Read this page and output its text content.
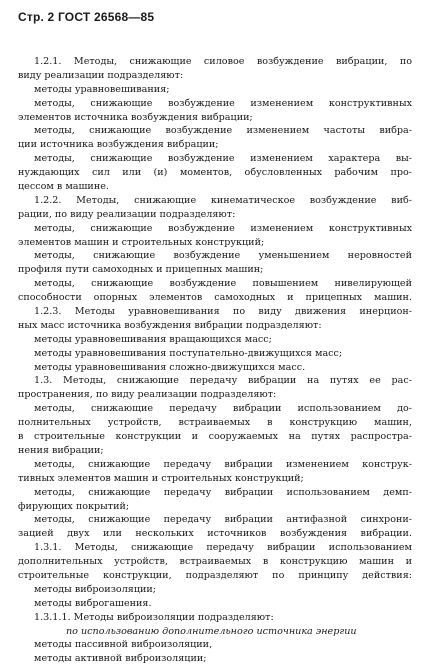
Стр. 2 ГОСТ 26568—85
1.2.1. Методы, снижающие силовое возбуждение вибрации, по
виду реализации подразделяют:
методы уравновешивания;
методы, снижающие возбуждение изменением конструктивных
элементов источника возбуждения вибрации;
методы, снижающие возбуждение изменением частоты вибра-
ции источника возбуждения вибрации;
методы, снижающие возбуждение изменением характера вы-
нуждающих сил или (и) моментов, обусловленных рабочим про-
цессом в машине.
1.2.2. Методы, снижающие кинематическое возбуждение виб-
рации, по виду реализации подразделяют:
методы, снижающие возбуждение изменением конструктивных
элементов машин и строительных конструкций;
методы, снижающие возбуждение уменьшением неровностей
профиля пути самоходных и прицепных машин;
методы, снижающие возбуждение повышением нивелирующей
способности опорных элементов самоходных и прицепных машин.
1.2.3. Методы уравновешивания по виду движения инерцион-
ных масс источника возбуждения вибрации подразделяют:
методы уравновешивания вращающихся масс;
методы уравновешивания поступательно-движущихся масс;
методы уравновешивания сложно-движущихся масс.
1.3. Методы, снижающие передачу вибрации на путях ее рас-
пространения, по виду реализации подразделяют:
методы, снижающие передачу вибрации использованием до-
полнительных устройств, встраиваемых в конструкцию машин,
в строительные конструкции и сооружаемых на путях распростра-
нения вибрации;
методы, снижающие передачу вибрации изменением конструк-
тивных элементов машин и строительных конструкций;
методы, снижающие передачу вибрации использованием демп-
фирующих покрытий;
методы, снижающие передачу вибрации антифазной синхрони-
зацией двух или нескольких источников возбуждения вибрации.
1.3.1. Методы, снижающие передачу вибрации использованием
дополнительных устройств, встраиваемых в конструкцию машин и
строительные конструкции, подразделяют по принципу действия:
методы виброизоляции;
методы виброгашения.
1.3.1.1. Методы виброизоляции подразделяют:
по использованию дополнительного источника энергии
методы пассивной виброизоляции,
методы активной виброизоляции;
